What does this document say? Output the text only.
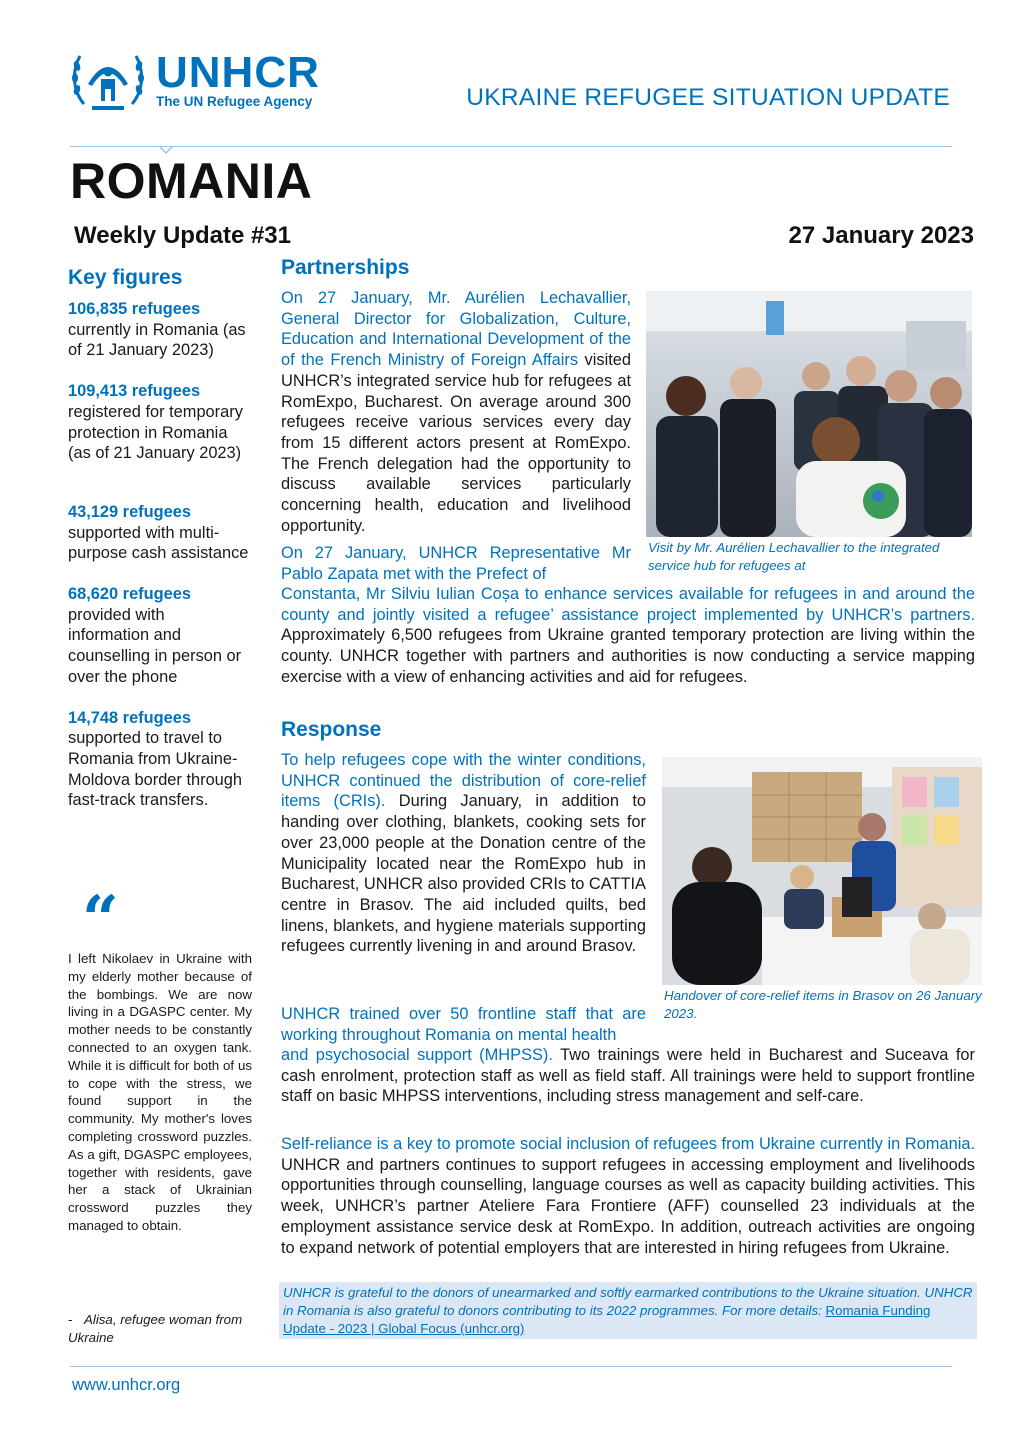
UNHCR
The UN Refugee Agency	UKRAINE REFUGEE SITUATION UPDATE
ROMANIA
Weekly Update #31	27 January 2023
Key figures
106,835 refugees
currently in Romania (as of 21 January 2023)
109,413 refugees
registered for temporary protection in Romania (as of 21 January 2023)
43,129 refugees
supported with multi-purpose cash assistance
68,620 refugees
provided with information and counselling in person or over the phone
14,748 refugees
supported to travel to Romania from Ukraine-Moldova border through fast-track transfers.
“
I left Nikolaev in Ukraine with my elderly mother because of the bombings. We are now living in a DGASPC center. My mother needs to be constantly connected to an oxygen tank. While it is difficult for both of us to cope with the stress, we found support in the community. My mother's loves completing crossword puzzles. As a gift, DGASPC employees, together with residents, gave her a stack of Ukrainian crossword puzzles they managed to obtain.
- Alisa, refugee woman from Ukraine
Partnerships
On 27 January, Mr. Aurélien Lechavallier, General Director for Globalization, Culture, Education and International Development of the of the French Ministry of Foreign Affairs visited UNHCR’s integrated service hub for refugees at RomExpo, Bucharest. On average around 300 refugees receive various services every day from 15 different actors present at RomExpo. The French delegation had the opportunity to discuss available services particularly concerning health, education and livelihood opportunity.
Visit by Mr. Aurélien Lechavallier to the integrated service hub for refugees at
On 27 January, UNHCR Representative Mr Pablo Zapata met with the Prefect of
Constanta, Mr Silviu Iulian Coșa to enhance services available for refugees in and around the county and jointly visited a refugee’ assistance project implemented by UNHCR’s partners. Approximately 6,500 refugees from Ukraine granted temporary protection are living within the county. UNHCR together with partners and authorities is now conducting a service mapping exercise with a view of enhancing activities and aid for refugees.
Response
To help refugees cope with the winter conditions, UNHCR continued the distribution of core-relief items (CRIs). During January, in addition to handing over clothing, blankets, cooking sets for over 23,000 people at the Donation centre of the Municipality located near the RomExpo hub in Bucharest, UNHCR also provided CRIs to CATTIA centre in Brasov. The aid included quilts, bed linens, blankets, and hygiene materials supporting refugees currently livening in and around Brasov.
Handover of core-relief items in Brasov on 26 January 2023.
UNHCR trained over 50 frontline staff that are working throughout Romania on mental health
and psychosocial support (MHPSS). Two trainings were held in Bucharest and Suceava for cash enrolment, protection staff as well as field staff. All trainings were held to support frontline staff on basic MHPSS interventions, including stress management and self-care.
Self-reliance is a key to promote social inclusion of refugees from Ukraine currently in Romania. UNHCR and partners continues to support refugees in accessing employment and livelihoods opportunities through counselling, language courses as well as capacity building activities. This week, UNHCR’s partner Ateliere Fara Frontiere (AFF) counselled 23 individuals at the employment assistance service desk at RomExpo. In addition, outreach activities are ongoing to expand network of potential employers that are interested in hiring refugees from Ukraine.
UNHCR is grateful to the donors of unearmarked and softly earmarked contributions to the Ukraine situation. UNHCR in Romania is also grateful to donors contributing to its 2022 programmes. For more details: Romania Funding Update - 2023 | Global Focus (unhcr.org)
www.unhcr.org
